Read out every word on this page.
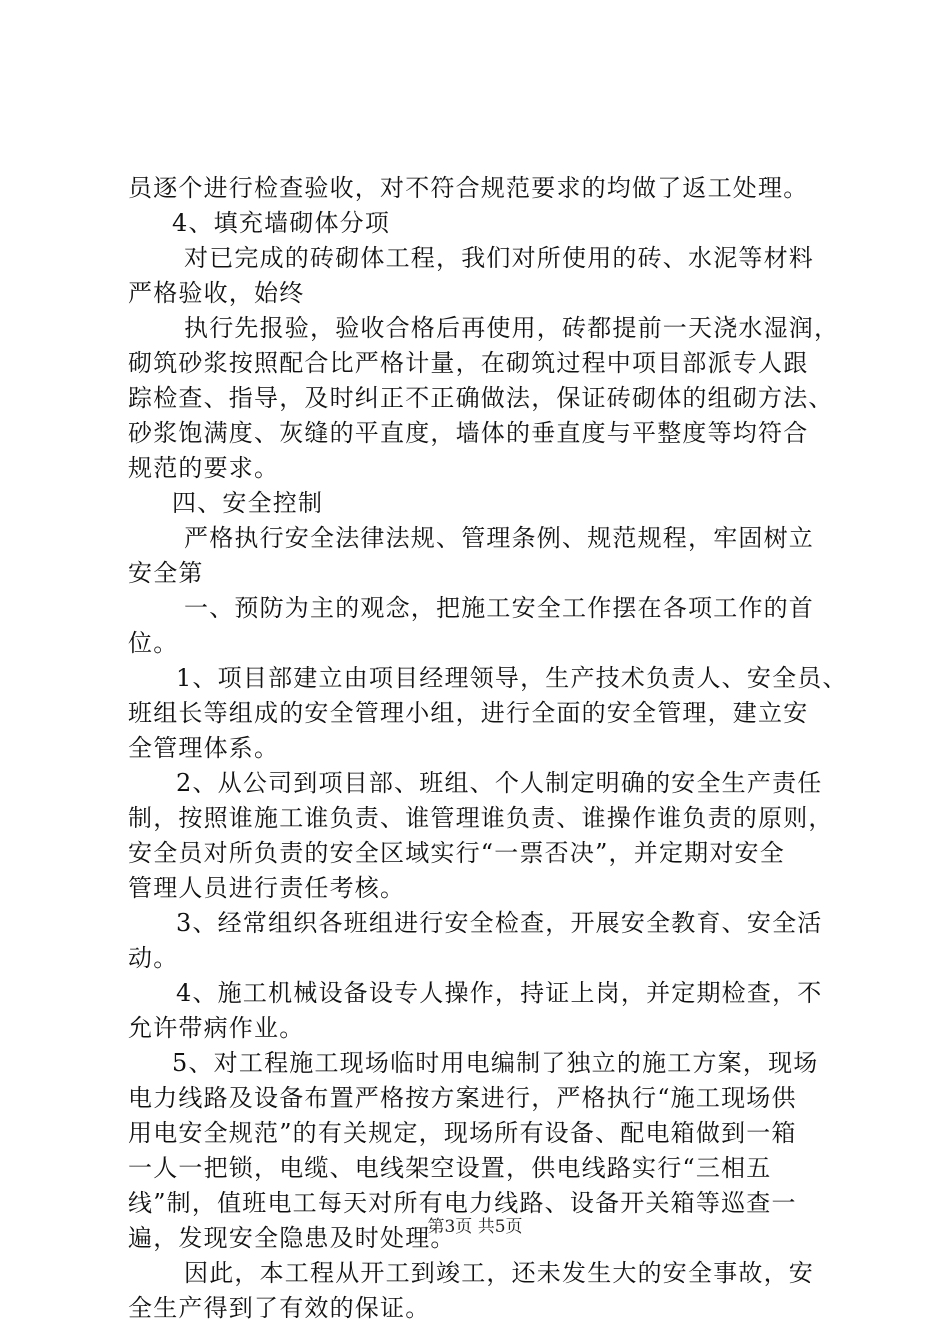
员逐个进行检查验收，对不符合规范要求的均做了返工处理。
4、填充墙砌体分项
对已完成的砖砌体工程，我们对所使用的砖、水泥等材料
严格验收，始终
执行先报验，验收合格后再使用，砖都提前一天浇水湿润，
砌筑砂浆按照配合比严格计量，在砌筑过程中项目部派专人跟
踪检查、指导，及时纠正不正确做法，保证砖砌体的组砌方法、
砂浆饱满度、灰缝的平直度，墙体的垂直度与平整度等均符合
规范的要求。
四、安全控制
严格执行安全法律法规、管理条例、规范规程，牢固树立
安全第
一、预防为主的观念，把施工安全工作摆在各项工作的首
位。
1、项目部建立由项目经理领导，生产技术负责人、安全员、
班组长等组成的安全管理小组，进行全面的安全管理，建立安
全管理体系。
2、从公司到项目部、班组、个人制定明确的安全生产责任
制，按照谁施工谁负责、谁管理谁负责、谁操作谁负责的原则，
安全员对所负责的安全区域实行“一票否决”，并定期对安全
管理人员进行责任考核。
3、经常组织各班组进行安全检查，开展安全教育、安全活
动。
4、施工机械设备设专人操作，持证上岗，并定期检查，不
允许带病作业。
5、对工程施工现场临时用电编制了独立的施工方案，现场
电力线路及设备布置严格按方案进行，严格执行“施工现场供
用电安全规范”的有关规定，现场所有设备、配电箱做到一箱
一人一把锁，电缆、电线架空设置，供电线路实行“三相五
线”制，值班电工每天对所有电力线路、设备开关箱等巡查一
遍，发现安全隐患及时处理。
因此，本工程从开工到竣工，还未发生大的安全事故，安
全生产得到了有效的保证。
第3页 共5页
